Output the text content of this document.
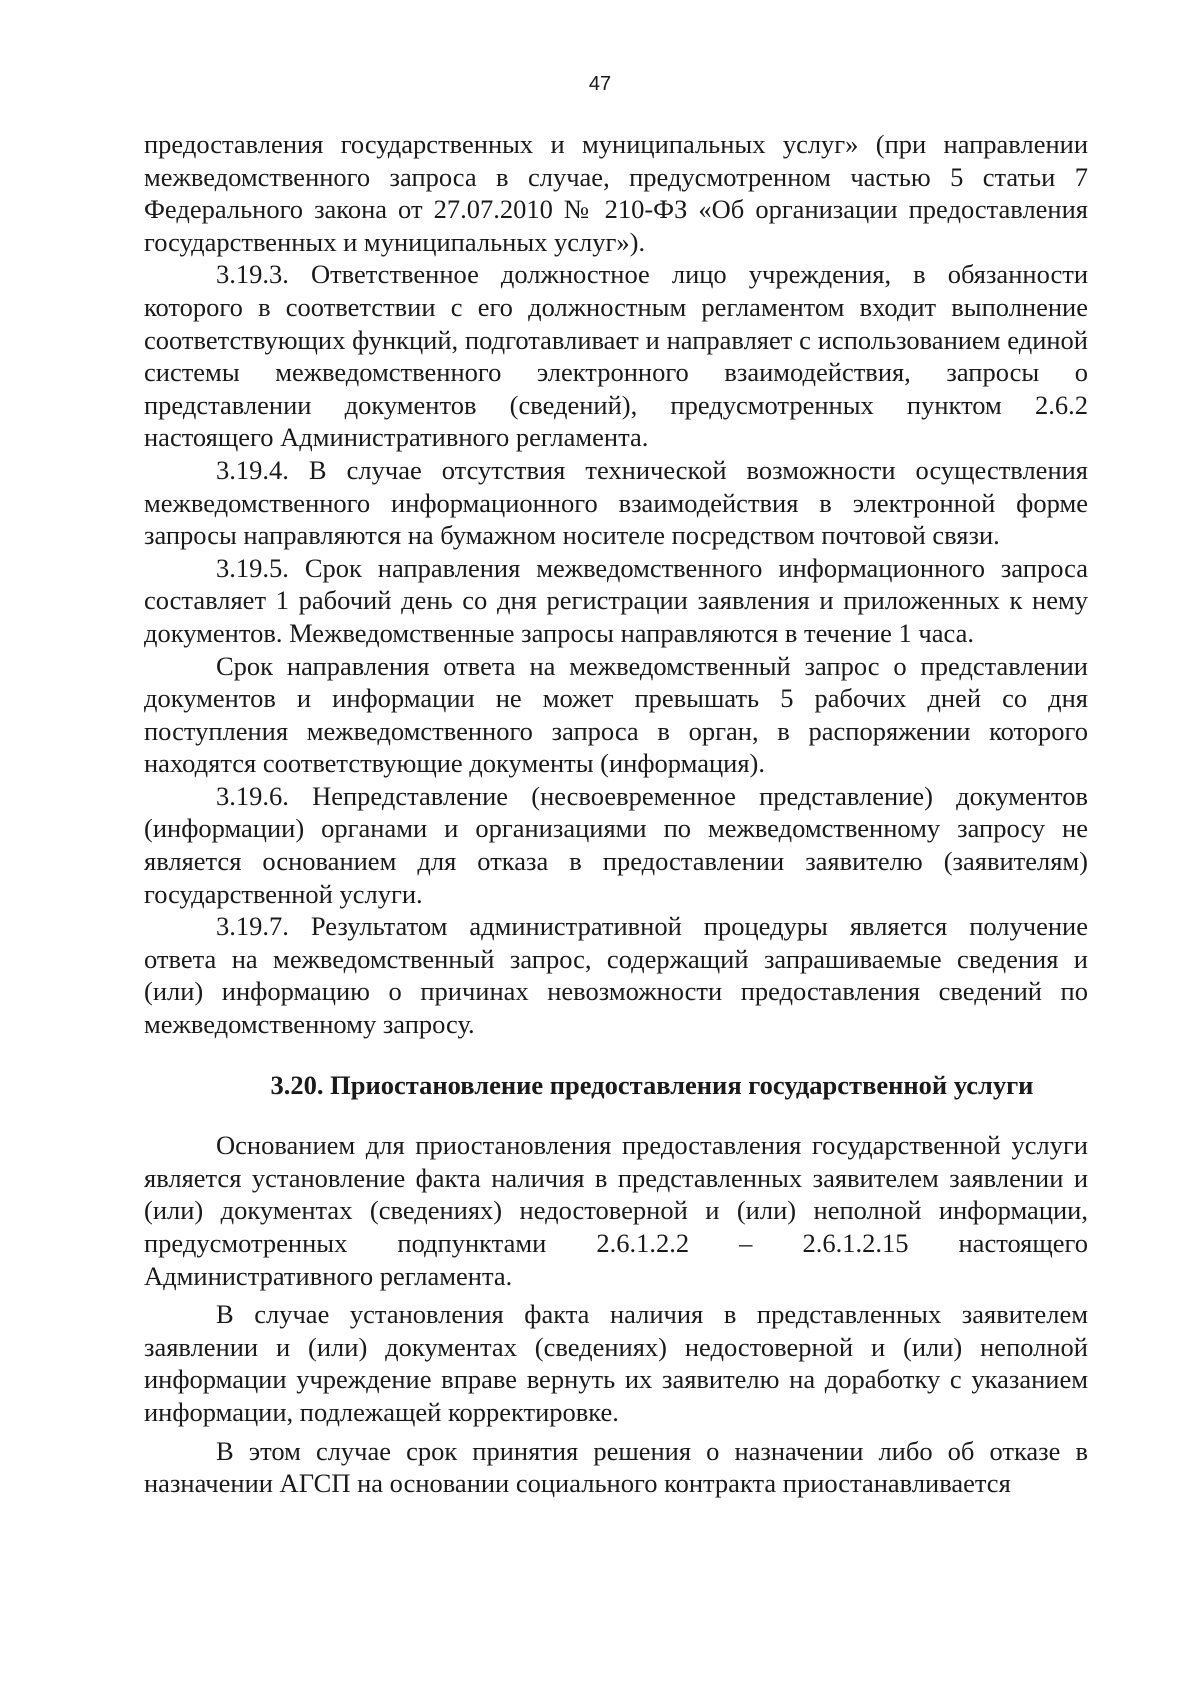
47

предоставления государственных и муниципальных услуг» (при направлении межведомственного запроса в случае, предусмотренном частью 5 статьи 7 Федерального закона от 27.07.2010 № 210-ФЗ «Об организации предоставления государственных и муниципальных услуг»).

3.19.3. Ответственное должностное лицо учреждения, в обязанности которого в соответствии с его должностным регламентом входит выполнение соответствующих функций, подготавливает и направляет с использованием единой системы межведомственного электронного взаимодействия, запросы о представлении документов (сведений), предусмотренных пунктом 2.6.2 настоящего Административного регламента.

3.19.4. В случае отсутствия технической возможности осуществления межведомственного информационного взаимодействия в электронной форме запросы направляются на бумажном носителе посредством почтовой связи.

3.19.5. Срок направления межведомственного информационного запроса составляет 1 рабочий день со дня регистрации заявления и приложенных к нему документов. Межведомственные запросы направляются в течение 1 часа.

Срок направления ответа на межведомственный запрос о представлении документов и информации не может превышать 5 рабочих дней со дня поступления межведомственного запроса в орган, в распоряжении которого находятся соответствующие документы (информация).

3.19.6. Непредставление (несвоевременное представление) документов (информации) органами и организациями по межведомственному запросу не является основанием для отказа в предоставлении заявителю (заявителям) государственной услуги.

3.19.7. Результатом административной процедуры является получение ответа на межведомственный запрос, содержащий запрашиваемые сведения и (или) информацию о причинах невозможности предоставления сведений по межведомственному запросу.

3.20. Приостановление предоставления государственной услуги

Основанием для приостановления предоставления государственной услуги является установление факта наличия в представленных заявителем заявлении и (или) документах (сведениях) недостоверной и (или) неполной информации, предусмотренных подпунктами 2.6.1.2.2 – 2.6.1.2.15 настоящего Административного регламента.

В случае установления факта наличия в представленных заявителем заявлении и (или) документах (сведениях) недостоверной и (или) неполной информации учреждение вправе вернуть их заявителю на доработку с указанием информации, подлежащей корректировке.

В этом случае срок принятия решения о назначении либо об отказе в назначении АГСП на основании социального контракта приостанавливается
